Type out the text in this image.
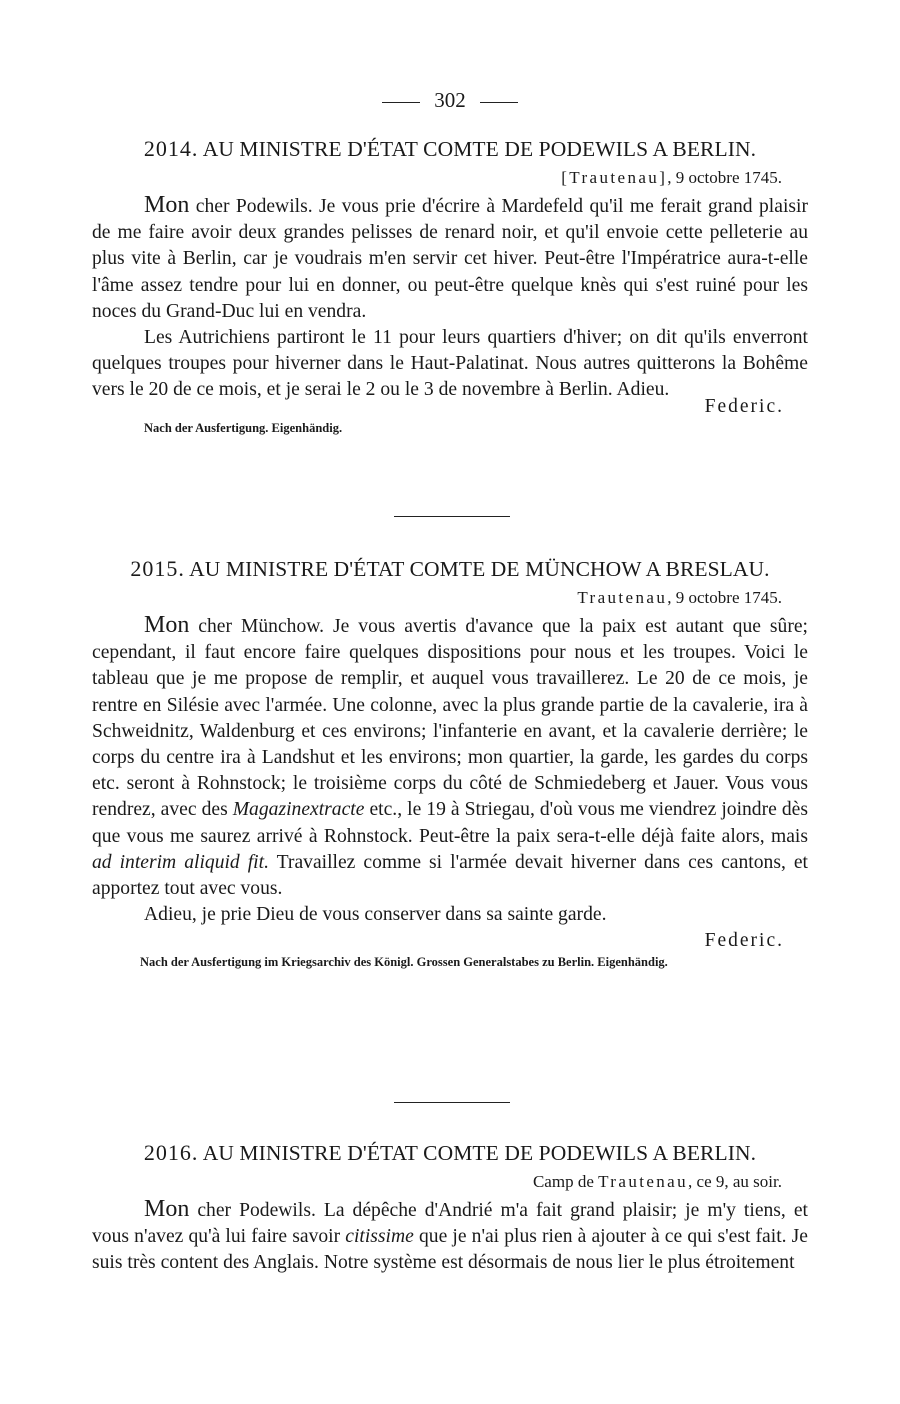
302

2014. AU MINISTRE D'ÉTAT COMTE DE PODEWILS A BERLIN.

[Trautenau], 9 octobre 1745.

Mon cher Podewils. Je vous prie d'écrire à Mardefeld qu'il me ferait grand plaisir de me faire avoir deux grandes pelisses de renard noir, et qu'il envoie cette pelleterie au plus vite à Berlin, car je voudrais m'en servir cet hiver. Peut-être l'Impératrice aura-t-elle l'âme assez tendre pour lui en donner, ou peut-être quelque knès qui s'est ruiné pour les noces du Grand-Duc lui en vendra.

Les Autrichiens partiront le 11 pour leurs quartiers d'hiver; on dit qu'ils enverront quelques troupes pour hiverner dans le Haut-Palatinat. Nous autres quitterons la Bohême vers le 20 de ce mois, et je serai le 2 ou le 3 de novembre à Berlin. Adieu.

Federic.

Nach der Ausfertigung. Eigenhändig.

2015. AU MINISTRE D'ÉTAT COMTE DE MÜNCHOW A BRESLAU.

Trautenau, 9 octobre 1745.

Mon cher Münchow. Je vous avertis d'avance que la paix est autant que sûre; cependant, il faut encore faire quelques dispositions pour nous et les troupes. Voici le tableau que je me propose de remplir, et auquel vous travaillerez. Le 20 de ce mois, je rentre en Silésie avec l'armée. Une colonne, avec la plus grande partie de la cavalerie, ira à Schweidnitz, Waldenburg et ces environs; l'infanterie en avant, et la cavalerie derrière; le corps du centre ira à Landshut et les environs; mon quartier, la garde, les gardes du corps etc. seront à Rohnstock; le troisième corps du côté de Schmiedeberg et Jauer. Vous vous rendrez, avec des Magazinextracte etc., le 19 à Striegau, d'où vous me viendrez joindre dès que vous me saurez arrivé à Rohnstock. Peut-être la paix sera-t-elle déjà faite alors, mais ad interim aliquid fit. Travaillez comme si l'armée devait hiverner dans ces cantons, et apportez tout avec vous.

Adieu, je prie Dieu de vous conserver dans sa sainte garde.

Federic.

Nach der Ausfertigung im Kriegsarchiv des Königl. Grossen Generalstabes zu Berlin. Eigenhändig.

2016. AU MINISTRE D'ÉTAT COMTE DE PODEWILS A BERLIN.

Camp de Trautenau, ce 9, au soir.

Mon cher Podewils. La dépêche d'Andrié m'a fait grand plaisir; je m'y tiens, et vous n'avez qu'à lui faire savoir citissime que je n'ai plus rien à ajouter à ce qui s'est fait. Je suis très content des Anglais. Notre système est désormais de nous lier le plus étroitement
